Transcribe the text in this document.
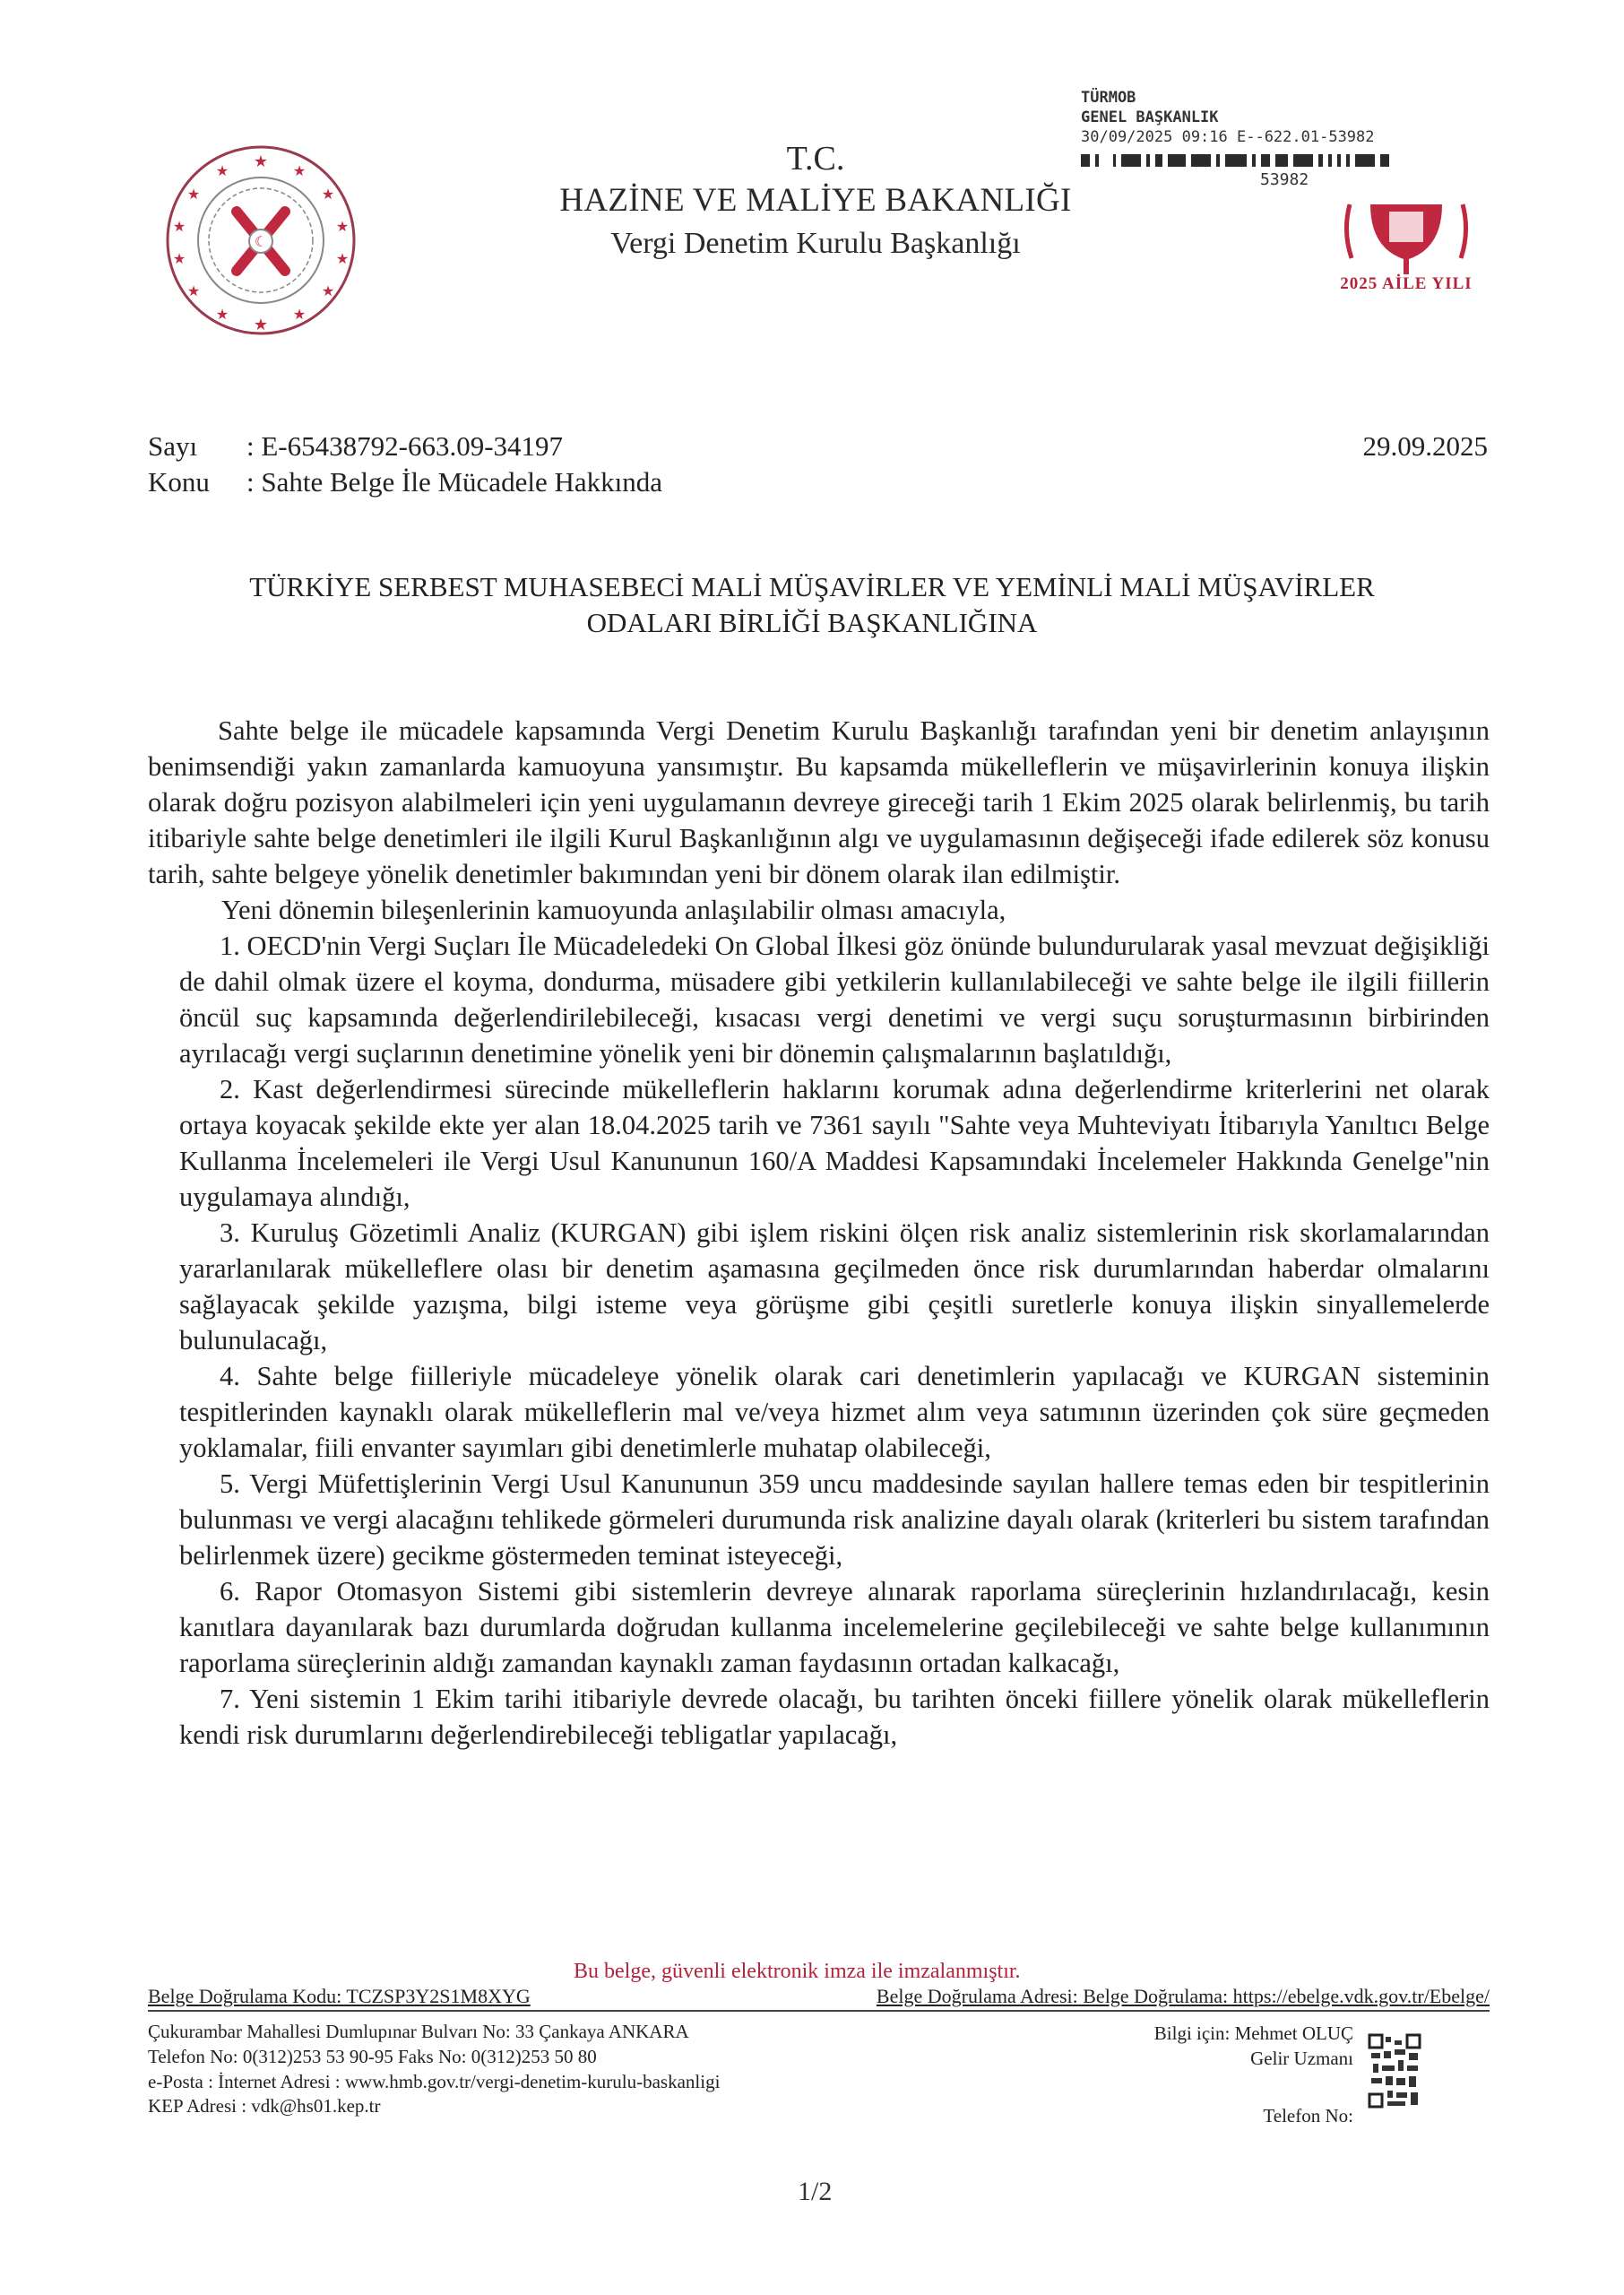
★
★	★
★	★
★	★
★	★
★	★
★	★
★
☾
T.C.
HAZİNE VE MALİYE BAKANLIĞI
Vergi Denetim Kurulu Başkanlığı
TÜRMOB
GENEL BAŞKANLIK
30/09/2025 09:16 E--622.01-53982
53982
2025 AİLE YILI
Sayı : E-65438792-663.09-34197
Konu : Sahte Belge İle Mücadele Hakkında
29.09.2025
TÜRKİYE SERBEST MUHASEBECİ MALİ MÜŞAVİRLER VE YEMİNLİ MALİ MÜŞAVİRLER
ODALARI BİRLİĞİ BAŞKANLIĞINA

Sahte belge ile mücadele kapsamında Vergi Denetim Kurulu Başkanlığı tarafından yeni bir denetim anlayışının benimsendiği yakın zamanlarda kamuoyuna yansımıştır. Bu kapsamda mükelleflerin ve müşavirlerinin konuya ilişkin olarak doğru pozisyon alabilmeleri için yeni uygulamanın devreye gireceği tarih 1 Ekim 2025 olarak belirlenmiş, bu tarih itibariyle sahte belge denetimleri ile ilgili Kurul Başkanlığının algı ve uygulamasının değişeceği ifade edilerek söz konusu tarih, sahte belgeye yönelik denetimler bakımından yeni bir dönem olarak ilan edilmiştir.

Yeni dönemin bileşenlerinin kamuoyunda anlaşılabilir olması amacıyla,

1. OECD'nin Vergi Suçları İle Mücadeledeki On Global İlkesi göz önünde bulundurularak yasal mevzuat değişikliği de dahil olmak üzere el koyma, dondurma, müsadere gibi yetkilerin kullanılabileceği ve sahte belge ile ilgili fiillerin öncül suç kapsamında değerlendirilebileceği, kısacası vergi denetimi ve vergi suçu soruşturmasının birbirinden ayrılacağı vergi suçlarının denetimine yönelik yeni bir dönemin çalışmalarının başlatıldığı,

2. Kast değerlendirmesi sürecinde mükelleflerin haklarını korumak adına değerlendirme kriterlerini net olarak ortaya koyacak şekilde ekte yer alan 18.04.2025 tarih ve 7361 sayılı "Sahte veya Muhteviyatı İtibarıyla Yanıltıcı Belge Kullanma İncelemeleri ile Vergi Usul Kanununun 160/A Maddesi Kapsamındaki İncelemeler Hakkında Genelge"nin uygulamaya alındığı,

3. Kuruluş Gözetimli Analiz (KURGAN) gibi işlem riskini ölçen risk analiz sistemlerinin risk skorlamalarından yararlanılarak mükelleflere olası bir denetim aşamasına geçilmeden önce risk durumlarından haberdar olmalarını sağlayacak şekilde yazışma, bilgi isteme veya görüşme gibi çeşitli suretlerle konuya ilişkin sinyallemelerde bulunulacağı,

4. Sahte belge fiilleriyle mücadeleye yönelik olarak cari denetimlerin yapılacağı ve KURGAN sisteminin tespitlerinden kaynaklı olarak mükelleflerin mal ve/veya hizmet alım veya satımının üzerinden çok süre geçmeden yoklamalar, fiili envanter sayımları gibi denetimlerle muhatap olabileceği,

5. Vergi Müfettişlerinin Vergi Usul Kanununun 359 uncu maddesinde sayılan hallere temas eden bir tespitlerinin bulunması ve vergi alacağını tehlikede görmeleri durumunda risk analizine dayalı olarak (kriterleri bu sistem tarafından belirlenmek üzere) gecikme göstermeden teminat isteyeceği,

6. Rapor Otomasyon Sistemi gibi sistemlerin devreye alınarak raporlama süreçlerinin hızlandırılacağı, kesin kanıtlara dayanılarak bazı durumlarda doğrudan kullanma incelemelerine geçilebileceği ve sahte belge kullanımının raporlama süreçlerinin aldığı zamandan kaynaklı zaman faydasının ortadan kalkacağı,

7. Yeni sistemin 1 Ekim tarihi itibariyle devrede olacağı, bu tarihten önceki fiillere yönelik olarak mükelleflerin kendi risk durumlarını değerlendirebileceği tebligatlar yapılacağı,

Bu belge, güvenli elektronik imza ile imzalanmıştır.
Belge Doğrulama Kodu: TCZSP3Y2S1M8XYG	Belge Doğrulama Adresi: Belge Doğrulama: https://ebelge.vdk.gov.tr/Ebelge/
Çukurambar Mahallesi Dumlupınar Bulvarı No: 33 Çankaya ANKARA
Telefon No: 0(312)253 53 90-95 Faks No: 0(312)253 50 80
e-Posta : İnternet Adresi : www.hmb.gov.tr/vergi-denetim-kurulu-baskanligi
KEP Adresi : vdk@hs01.kep.tr
Bilgi için: Mehmet OLUÇ
Gelir Uzmanı
Telefon No:
1/2
